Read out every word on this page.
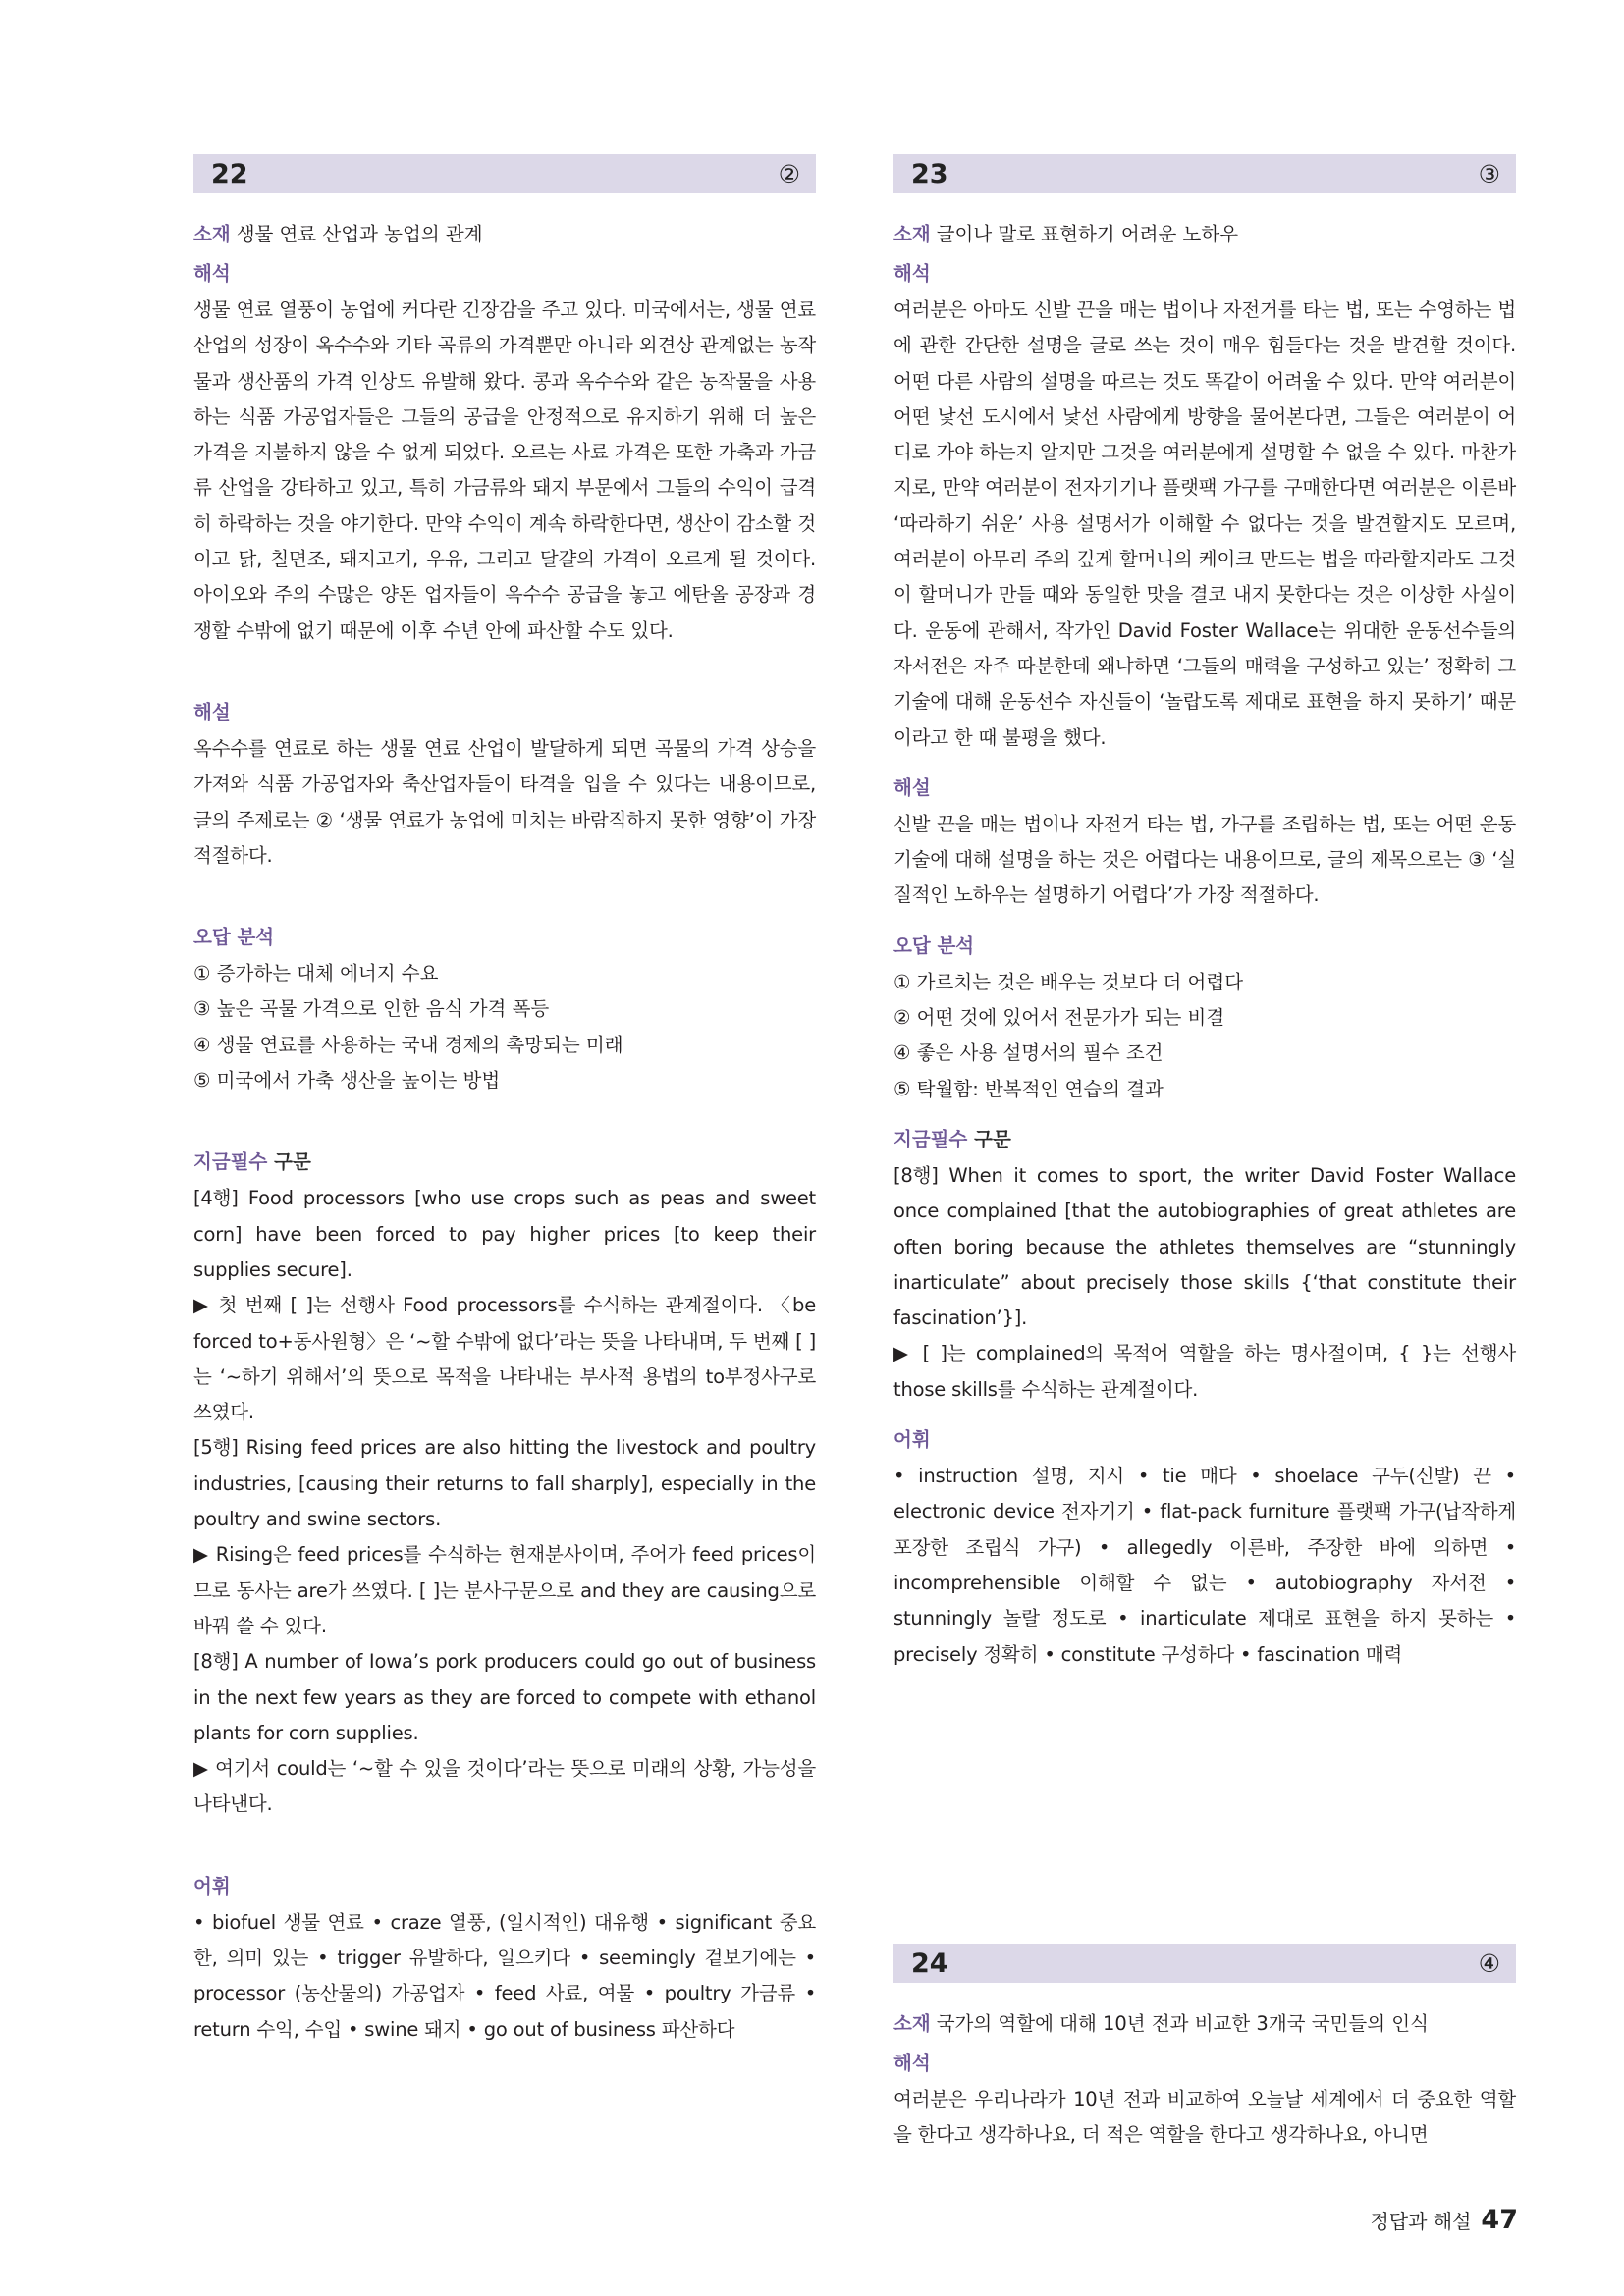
22	②
소재 생물 연료 산업과 농업의 관계
해석

생물 연료 열풍이 농업에 커다란 긴장감을 주고 있다. 미국에서는, 생물 연료 산업의 성장이 옥수수와 기타 곡류의 가격뿐만 아니라 외견상 관계없는 농작물과 생산품의 가격 인상도 유발해 왔다. 콩과 옥수수와 같은 농작물을 사용하는 식품 가공업자들은 그들의 공급을 안정적으로 유지하기 위해 더 높은 가격을 지불하지 않을 수 없게 되었다. 오르는 사료 가격은 또한 가축과 가금류 산업을 강타하고 있고, 특히 가금류와 돼지 부문에서 그들의 수익이 급격히 하락하는 것을 야기한다. 만약 수익이 계속 하락한다면, 생산이 감소할 것이고 닭, 칠면조, 돼지고기, 우유, 그리고 달걀의 가격이 오르게 될 것이다. 아이오와 주의 수많은 양돈 업자들이 옥수수 공급을 놓고 에탄올 공장과 경쟁할 수밖에 없기 때문에 이후 수년 안에 파산할 수도 있다.

해설

옥수수를 연료로 하는 생물 연료 산업이 발달하게 되면 곡물의 가격 상승을 가져와 식품 가공업자와 축산업자들이 타격을 입을 수 있다는 내용이므로, 글의 주제로는 ② ‘생물 연료가 농업에 미치는 바람직하지 못한 영향’이 가장 적절하다.

오답 분석
① 증가하는 대체 에너지 수요
③ 높은 곡물 가격으로 인한 음식 가격 폭등
④ 생물 연료를 사용하는 국내 경제의 촉망되는 미래
⑤ 미국에서 가축 생산을 높이는 방법
지금필수 구문
[4행] Food processors [who use crops such as peas and sweet corn] have been forced to pay higher prices [to keep their supplies secure].
▶ 첫 번째 [ ]는 선행사 Food processors를 수식하는 관계절이다. 〈be forced to+동사원형〉은 ‘~할 수밖에 없다’라는 뜻을 나타내며, 두 번째 [ ]는 ‘~하기 위해서’의 뜻으로 목적을 나타내는 부사적 용법의 to부정사구로 쓰였다.
[5행] Rising feed prices are also hitting the livestock and poultry industries, [causing their returns to fall sharply], especially in the poultry and swine sectors.
▶ Rising은 feed prices를 수식하는 현재분사이며, 주어가 feed prices이므로 동사는 are가 쓰였다. [ ]는 분사구문으로 and they are causing으로 바꿔 쓸 수 있다.
[8행] A number of Iowa’s pork producers could go out of business in the next few years as they are forced to compete with ethanol plants for corn supplies.
▶ 여기서 could는 ‘~할 수 있을 것이다’라는 뜻으로 미래의 상황, 가능성을 나타낸다.
어휘

• biofuel 생물 연료 • craze 열풍, (일시적인) 대유행 • significant 중요한, 의미 있는 • trigger 유발하다, 일으키다 • seemingly 겉보기에는 • processor (농산물의) 가공업자 • feed 사료, 여물 • poultry 가금류 • return 수익, 수입 • swine 돼지 • go out of business 파산하다

23	③
소재 글이나 말로 표현하기 어려운 노하우
해석

여러분은 아마도 신발 끈을 매는 법이나 자전거를 타는 법, 또는 수영하는 법에 관한 간단한 설명을 글로 쓰는 것이 매우 힘들다는 것을 발견할 것이다. 어떤 다른 사람의 설명을 따르는 것도 똑같이 어려울 수 있다. 만약 여러분이 어떤 낯선 도시에서 낯선 사람에게 방향을 물어본다면, 그들은 여러분이 어디로 가야 하는지 알지만 그것을 여러분에게 설명할 수 없을 수 있다. 마찬가지로, 만약 여러분이 전자기기나 플랫팩 가구를 구매한다면 여러분은 이른바 ‘따라하기 쉬운’ 사용 설명서가 이해할 수 없다는 것을 발견할지도 모르며, 여러분이 아무리 주의 깊게 할머니의 케이크 만드는 법을 따라할지라도 그것이 할머니가 만들 때와 동일한 맛을 결코 내지 못한다는 것은 이상한 사실이다. 운동에 관해서, 작가인 David Foster Wallace는 위대한 운동선수들의 자서전은 자주 따분한데 왜냐하면 ‘그들의 매력을 구성하고 있는’ 정확히 그 기술에 대해 운동선수 자신들이 ‘놀랍도록 제대로 표현을 하지 못하기’ 때문이라고 한 때 불평을 했다.

해설

신발 끈을 매는 법이나 자전거 타는 법, 가구를 조립하는 법, 또는 어떤 운동 기술에 대해 설명을 하는 것은 어렵다는 내용이므로, 글의 제목으로는 ③ ‘실질적인 노하우는 설명하기 어렵다’가 가장 적절하다.

오답 분석
① 가르치는 것은 배우는 것보다 더 어렵다
② 어떤 것에 있어서 전문가가 되는 비결
④ 좋은 사용 설명서의 필수 조건
⑤ 탁월함: 반복적인 연습의 결과
지금필수 구문
[8행] When it comes to sport, the writer David Foster Wallace once complained [that the autobiographies of great athletes are often boring because the athletes themselves are “stunningly inarticulate” about precisely those skills {‘that constitute their fascination’}].
▶ [ ]는 complained의 목적어 역할을 하는 명사절이며, { }는 선행사 those skills를 수식하는 관계절이다.
어휘

• instruction 설명, 지시 • tie 매다 • shoelace 구두(신발) 끈 • electronic device 전자기기 • flat-pack furniture 플랫팩 가구(납작하게 포장한 조립식 가구) • allegedly 이른바, 주장한 바에 의하면 • incomprehensible 이해할 수 없는 • autobiography 자서전 • stunningly 놀랄 정도로 • inarticulate 제대로 표현을 하지 못하는 • precisely 정확히 • constitute 구성하다 • fascination 매력

24	④
소재 국가의 역할에 대해 10년 전과 비교한 3개국 국민들의 인식
해석

여러분은 우리나라가 10년 전과 비교하여 오늘날 세계에서 더 중요한 역할을 한다고 생각하나요, 더 적은 역할을 한다고 생각하나요, 아니면

정답과 해설 47
